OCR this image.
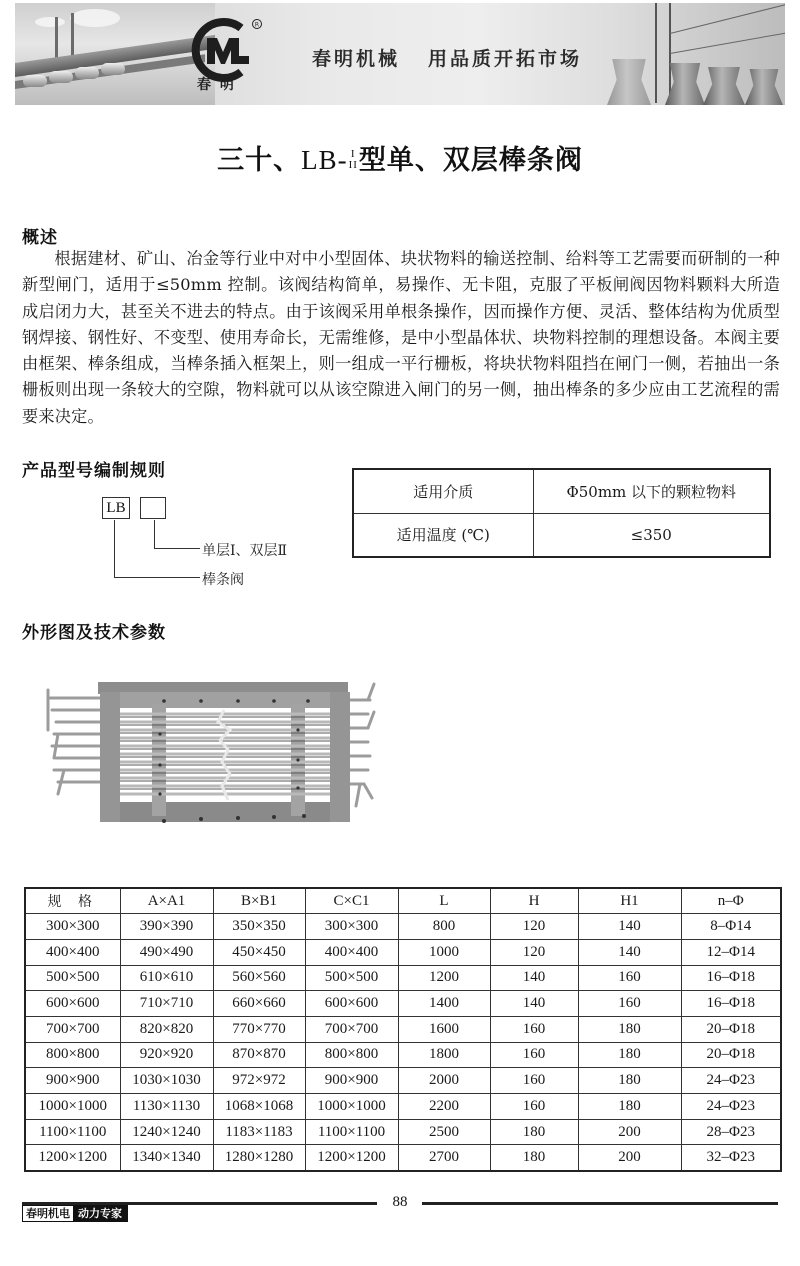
R
春 明
春明机械 用品质开拓市场
三十、LB- I
II 型单、双层棒条阀
概述

根据建材、矿山、冶金等行业中对中小型固体、块状物料的输送控制、给料等工艺需要而研制的一种新型闸门，适用于≤50mm 控制。该阀结构简单，易操作、无卡阻，克服了平板闸阀因物料颗料大所造成启闭力大，甚至关不进去的特点。由于该阀采用单根条操作，因而操作方便、灵活、整体结构为优质型钢焊接、钢性好、不变型、使用寿命长，无需维修，是中小型晶体状、块物料控制的理想设备。本阀主要由框架、棒条组成，当棒条插入框架上，则一组成一平行栅板，将块状物料阻挡在闸门一侧，若抽出一条栅板则出现一条较大的空隙，物料就可以从该空隙进入闸门的另一侧，抽出棒条的多少应由工艺流程的需要来决定。

产品型号编制规则
LB
单层Ⅰ、双层Ⅱ
棒条阀
适用介质	Φ50mm 以下的颗粒物料
适用温度 (℃)	≤350
外形图及技术参数
规 格	A×A1	B×B1	C×C1	L	H	H1	n–Φ
300×300	390×390	350×350	300×300	800	120	140	8–Φ14
400×400	490×490	450×450	400×400	1000	120	140	12–Φ14
500×500	610×610	560×560	500×500	1200	140	160	16–Φ18
600×600	710×710	660×660	600×600	1400	140	160	16–Φ18
700×700	820×820	770×770	700×700	1600	160	180	20–Φ18
800×800	920×920	870×870	800×800	1800	160	180	20–Φ18
900×900	1030×1030	972×972	900×900	2000	160	180	24–Φ23
1000×1000	1130×1130	1068×1068	1000×1000	2200	160	180	24–Φ23
1100×1100	1240×1240	1183×1183	1100×1100	2500	180	200	28–Φ23
1200×1200	1340×1340	1280×1280	1200×1200	2700	180	200	32–Φ23
88
春明机电 动力专家
